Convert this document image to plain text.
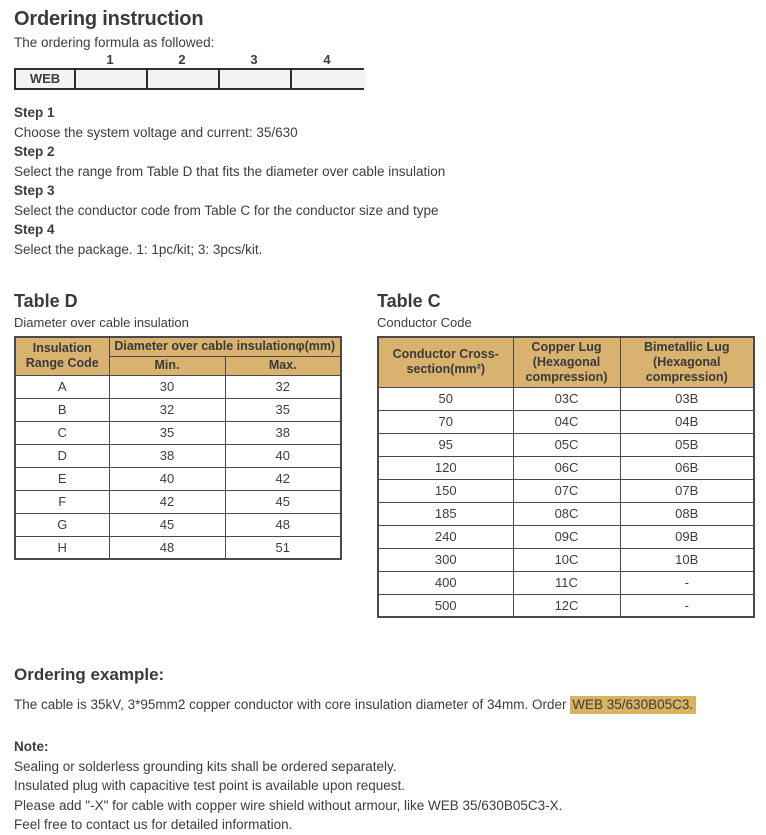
Ordering instruction

The ordering formula as followed:

1	2	3	4
WEB

Step 1

Choose the system voltage and current: 35/630

Step 2

Select the range from Table D that fits the diameter over cable insulation

Step 3

Select the conductor code from Table C for the conductor size and type

Step 4

Select the package. 1: 1pc/kit; 3: 3pcs/kit.

Table D

Diameter over cable insulation

Insulation Range Code	Diameter over cable insulationφ(mm)	
	Min.	Max.
A	30	32
B	32	35
C	35	38
D	38	40
E	40	42
F	42	45
G	45	48
H	48	51
Table C

Conductor Code

Conductor Cross-section(mm²)	Copper Lug (Hexagonal compression)	Bimetallic Lug (Hexagonal compression)
50	03C	03B
70	04C	04B
95	05C	05B
120	06C	06B
150	07C	07B
185	08C	08B
240	09C	09B
300	10C	10B
400	11C	-
500	12C	-
Ordering example:

The cable is 35kV, 3*95mm2 copper conductor with core insulation diameter of 34mm. Order WEB 35/630B05C3.

Note:

Sealing or solderless grounding kits shall be ordered separately.

Insulated plug with capacitive test point is available upon request.

Please add "-X" for cable with copper wire shield without armour, like WEB 35/630B05C3-X.

Feel free to contact us for detailed information.
